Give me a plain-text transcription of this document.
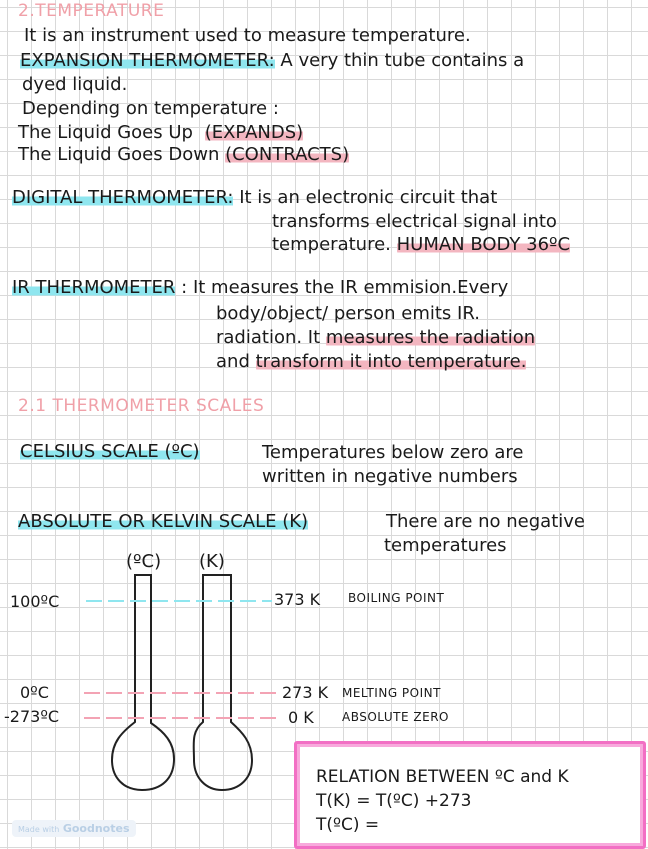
2.TEMPERATURE
It is an instrument used to measure temperature.
EXPANSION THERMOMETER: A very thin tube contains a
dyed liquid.
Depending on temperature :
The Liquid Goes Up (EXPANDS)
The Liquid Goes Down (CONTRACTS)
DIGITAL THERMOMETER: It is an electronic circuit that
transforms electrical signal into
temperature. HUMAN BODY 36ºC
IR THERMOMETER : It measures the IR emmision.Every
body/object/ person emits IR.
radiation. It measures the radiation
and transform it into temperature.
2.1 THERMOMETER SCALES
CELSIUS SCALE (ºC)	Temperatures below zero are
written in negative numbers
ABSOLUTE OR KELVIN SCALE (K)	There are no negative
temperatures
(ºC) (K)
100ºC
0ºC
-273ºC
373 K BOILING POINT
273 K MELTING POINT
0 K ABSOLUTE ZERO
RELATION BETWEEN ºC and K
T(K) = T(ºC) +273
T(ºC) =
Made with Goodnotes
